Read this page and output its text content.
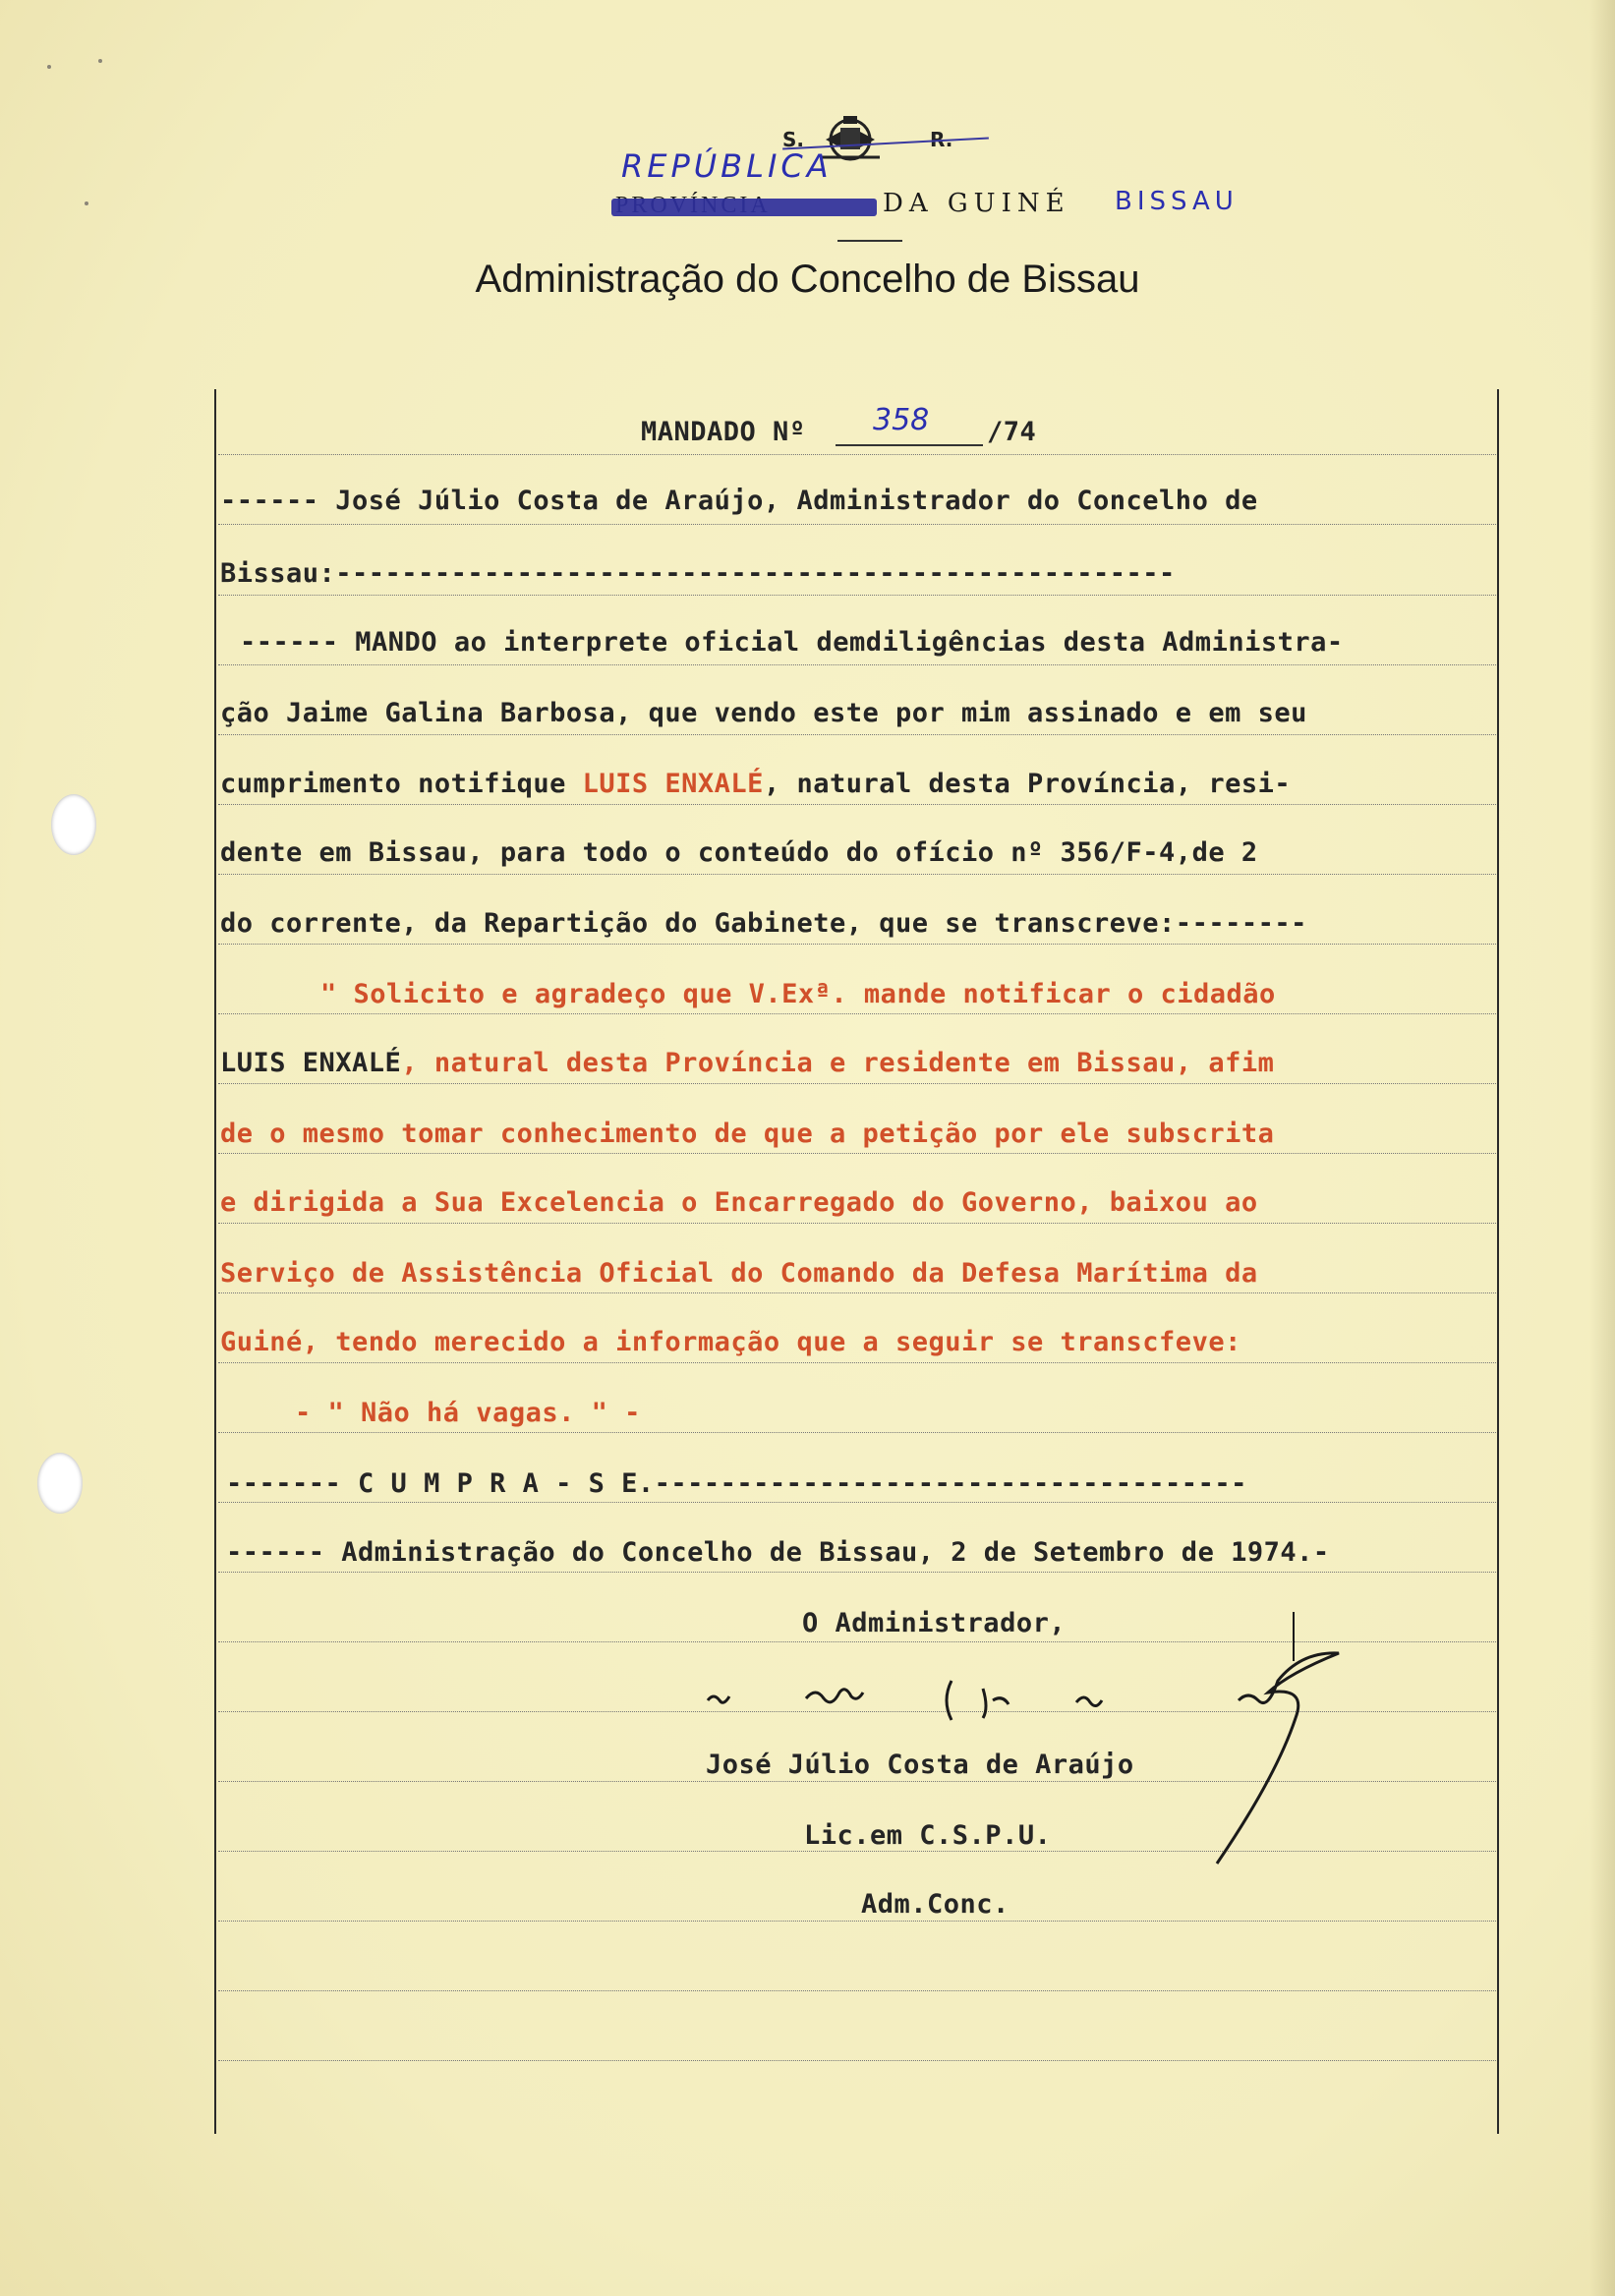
S.	R.
REPÚBLICA
DA GUINÉ BISSAU
Administração do Concelho de Bissau
MANDADO Nº 358 /74
------ José Júlio Costa de Araújo, Administrador do Concelho de
Bissau:---------------------------------------------------
------ MANDO ao interprete oficial demdiligências desta Administra-
ção Jaime Galina Barbosa, que vendo este por mim assinado e em seu
cumprimento notifique LUIS ENXALÉ, natural desta Província, resi-
dente em Bissau, para todo o conteúdo do ofício nº 356/F-4,de 2
do corrente, da Repartição do Gabinete, que se transcreve:--------
" Solicito e agradeço que V.Exª. mande notificar o cidadão
LUIS ENXALÉ, natural desta Província e residente em Bissau, afim
de o mesmo tomar conhecimento de que a petição por ele subscrita
e dirigida a Sua Excelencia o Encarregado do Governo, baixou ao
Serviço de Assistência Oficial do Comando da Defesa Marítima da
Guiné, tendo merecido a informação que a seguir se transcfeve:
- " Não há vagas. " -
------- C U M P R A - S E.------------------------------------
------ Administração do Concelho de Bissau, 2 de Setembro de 1974.-
O Administrador,
José Júlio Costa de Araújo
Lic.em C.S.P.U.
Adm.Conc.
